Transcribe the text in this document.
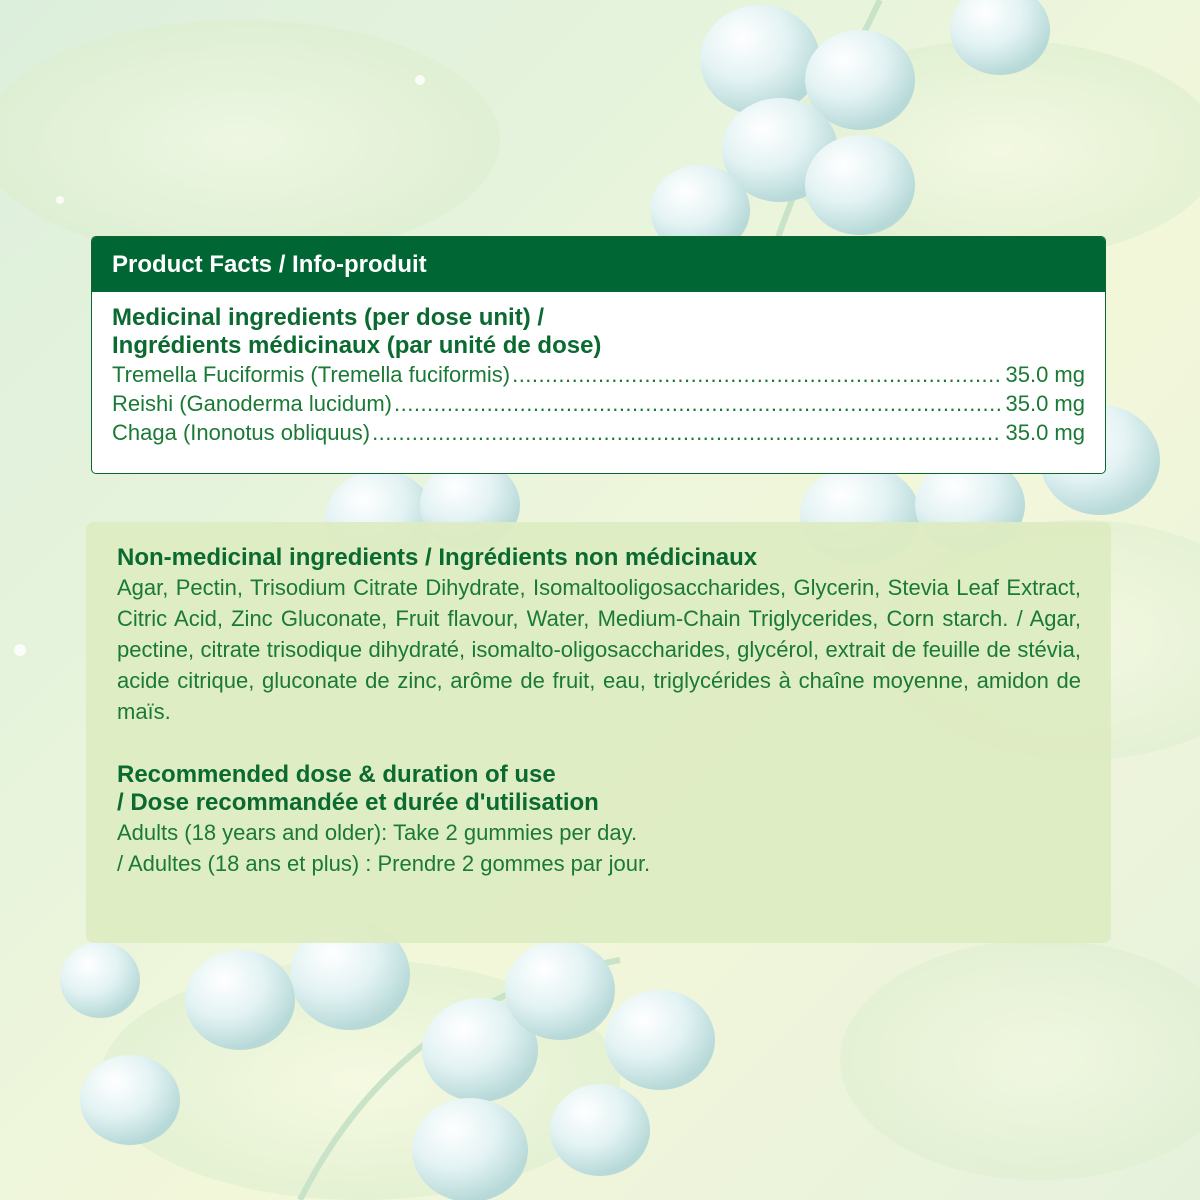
Product Facts / Info-produit

Medicinal ingredients (per dose unit) /

Ingrédients médicinaux (par unité de dose)

Tremella Fuciformis (Tremella fuciformis) .....	35.0 mg
Reishi (Ganoderma lucidum) .....	35.0 mg
Chaga (Inonotus obliquus) .....	35.0 mg

Non-medicinal ingredients / Ingrédients non médicinaux

Agar, Pectin, Trisodium Citrate Dihydrate, Isomaltooligosaccharides, Glycerin, Stevia Leaf Extract, Citric Acid, Zinc Gluconate, Fruit flavour, Water, Medium-Chain Triglycerides, Corn starch. / Agar, pectine, citrate trisodique dihydraté, isomalto-oligosaccharides, glycérol, extrait de feuille de stévia, acide citrique, gluconate de zinc, arôme de fruit, eau, triglycérides à chaîne moyenne, amidon de maïs.

Recommended dose & duration of use

/ Dose recommandée et durée d'utilisation

Adults (18 years and older): Take 2 gummies per day.

/ Adultes (18 ans et plus) : Prendre 2 gommes par jour.
